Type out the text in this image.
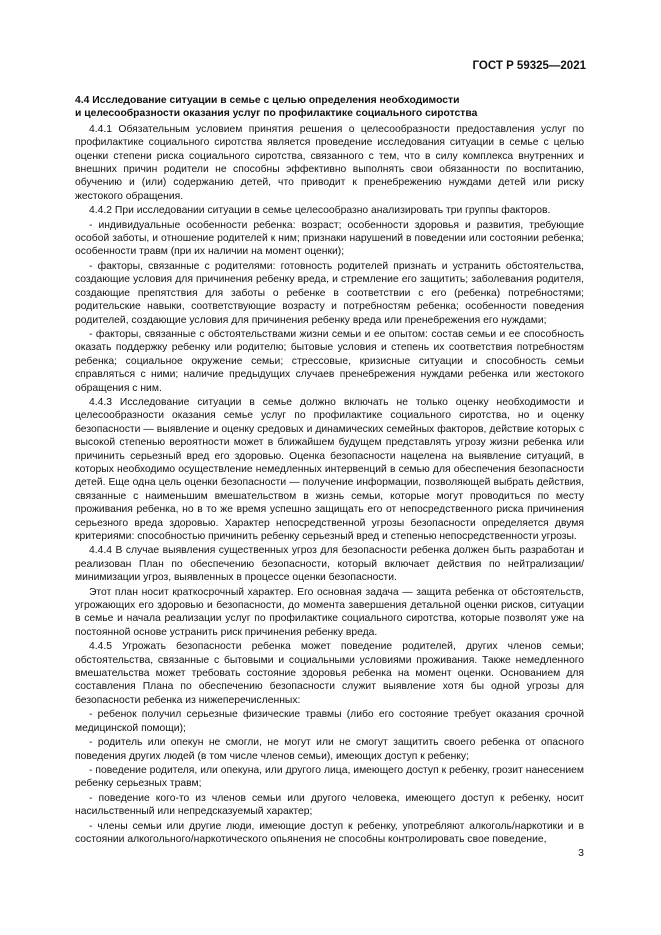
ГОСТ Р 59325—2021
4.4 Исследование ситуации в семье с целью определения необходимости
и целесообразности оказания услуг по профилактике социального сиротства

4.4.1 Обязательным условием принятия решения о целесообразности предоставления услуг по профилактике социального сиротства является проведение исследования ситуации в семье с целью оценки степени риска социального сиротства, связанного с тем, что в силу комплекса внутренних и внешних причин родители не способны эффективно выполнять свои обязанности по воспитанию, обучению и (или) содержанию детей, что приводит к пренебрежению нуждами детей или риску жестокого обращения.

4.4.2 При исследовании ситуации в семье целесообразно анализировать три группы факторов.

- индивидуальные особенности ребенка: возраст; особенности здоровья и развития, требующие особой заботы, и отношение родителей к ним; признаки нарушений в поведении или состоянии ребенка; особенности травм (при их наличии на момент оценки);

- факторы, связанные с родителями: готовность родителей признать и устранить обстоятельства, создающие условия для причинения ребенку вреда, и стремление его защитить; заболевания родителя, создающие препятствия для заботы о ребенке в соответствии с его (ребенка) потребностями; родительские навыки, соответствующие возрасту и потребностям ребенка; особенности поведения родителей, создающие условия для причинения ребенку вреда или пренебрежения его нуждами;

- факторы, связанные с обстоятельствами жизни семьи и ее опытом: состав семьи и ее способность оказать поддержку ребенку или родителю; бытовые условия и степень их соответствия потребностям ребенка; социальное окружение семьи; стрессовые, кризисные ситуации и способность семьи справляться с ними; наличие предыдущих случаев пренебрежения нуждами ребенка или жестокого обращения с ним.

4.4.3 Исследование ситуации в семье должно включать не только оценку необходимости и целесообразности оказания семье услуг по профилактике социального сиротства, но и оценку безопасности — выявление и оценку средовых и динамических семейных факторов, действие которых с высокой степенью вероятности может в ближайшем будущем представлять угрозу жизни ребенка или причинить серьезный вред его здоровью. Оценка безопасности нацелена на выявление ситуаций, в которых необходимо осуществление немедленных интервенций в семью для обеспечения безопасности детей. Еще одна цель оценки безопасности — получение информации, позволяющей выбрать действия, связанные с наименьшим вмешательством в жизнь семьи, которые могут проводиться по месту проживания ребенка, но в то же время успешно защищать его от непосредственного риска причинения серьезного вреда здоровью. Характер непосредственной угрозы безопасности определяется двумя критериями: способностью причинить ребенку серьезный вред и степенью непосредственности угрозы.

4.4.4 В случае выявления существенных угроз для безопасности ребенка должен быть разработан и реализован План по обеспечению безопасности, который включает действия по нейтрализации/минимизации угроз, выявленных в процессе оценки безопасности.

Этот план носит краткосрочный характер. Его основная задача — защита ребенка от обстоятельств, угрожающих его здоровью и безопасности, до момента завершения детальной оценки рисков, ситуации в семье и начала реализации услуг по профилактике социального сиротства, которые позволят уже на постоянной основе устранить риск причинения ребенку вреда.

4.4.5 Угрожать безопасности ребенка может поведение родителей, других членов семьи; обстоятельства, связанные с бытовыми и социальными условиями проживания. Также немедленного вмешательства может требовать состояние здоровья ребенка на момент оценки. Основанием для составления Плана по обеспечению безопасности служит выявление хотя бы одной угрозы для безопасности ребенка из нижеперечисленных:

- ребенок получил серьезные физические травмы (либо его состояние требует оказания срочной медицинской помощи);

- родитель или опекун не смогли, не могут или не смогут защитить своего ребенка от опасного поведения других людей (в том числе членов семьи), имеющих доступ к ребенку;

- поведение родителя, или опекуна, или другого лица, имеющего доступ к ребенку, грозит нанесением ребенку серьезных травм;

- поведение кого-то из членов семьи или другого человека, имеющего доступ к ребенку, носит насильственный или непредсказуемый характер;

- члены семьи или другие люди, имеющие доступ к ребенку, употребляют алкоголь/наркотики и в состоянии алкогольного/наркотического опьянения не способны контролировать свое поведение,

3
